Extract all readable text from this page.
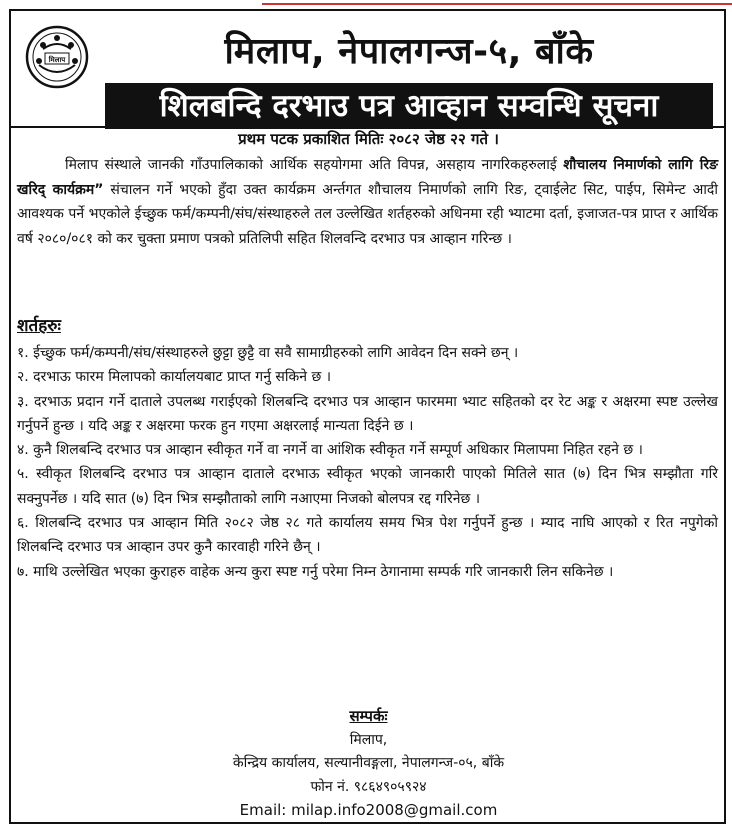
मिलाप	मिलाप, नेपालगन्ज-५, बाँके
शिलबन्दि दरभाउ पत्र आव्हान सम्वन्धि सूचना
प्रथम पटक प्रकाशित मितिः २०८२ जेष्ठ २२ गते ।

मिलाप संस्थाले जानकी गाँउपालिकाको आर्थिक सहयोगमा अति विपन्न, असहाय नागरिकहरुलाई शौचालय निमार्णको लागि रिङ खरिद् कार्यक्रम” संचालन गर्ने भएको हुँदा उक्त कार्यक्रम अर्न्तगत शौचालय निमार्णको लागि रिङ, ट्वाईलेट सिट, पाईप, सिमेन्ट आदी आवश्यक पर्ने भएकोले ईच्छुक फर्म/कम्पनी/संघ/संस्थाहरुले तल उल्लेखित शर्तहरुको अधिनमा रही भ्याटमा दर्ता, इजाजत-पत्र प्राप्त र आर्थिक वर्ष २०८०/०८१ को कर चुक्ता प्रमाण पत्रको प्रतिलिपी सहित शिलवन्दि दरभाउ पत्र आव्हान गरिन्छ ।

शर्तहरुः
१. ईच्छुक फर्म/कम्पनी/संघ/संस्थाहरुले छुट्टा छुट्टै वा सवै सामाग्रीहरुको लागि आवेदन दिन सक्ने छन् ।
२. दरभाऊ फारम मिलापको कार्यालयबाट प्राप्त गर्नु सकिने छ ।
३. दरभाऊ प्रदान गर्ने दाताले उपलब्ध गराईएको शिलबन्दि दरभाउ पत्र आव्हान फारममा भ्याट सहितको दर रेट अङ्क र अक्षरमा स्पष्ट उल्लेख गर्नुपर्ने हुन्छ । यदि अङ्क र अक्षरमा फरक हुन गएमा अक्षरलाई मान्यता दिईने छ ।
४. कुनै शिलबन्दि दरभाउ पत्र आव्हान स्वीकृत गर्ने वा नगर्ने वा आंशिक स्वीकृत गर्ने सम्पूर्ण अधिकार मिलापमा निहित रहने छ ।
५. स्वीकृत शिलबन्दि दरभाउ पत्र आव्हान दाताले दरभाऊ स्वीकृत भएको जानकारी पाएको मितिले सात (७) दिन भित्र सम्झौता गरि सक्नुपर्नेछ । यदि सात (७) दिन भित्र सम्झौताको लागि नआएमा निजको बोलपत्र रद्द गरिनेछ ।
६. शिलबन्दि दरभाउ पत्र आव्हान मिति २०८२ जेष्ठ २८ गते कार्यालय समय भित्र पेश गर्नुपर्ने हुन्छ । म्याद नाघि आएको र रित नपुगेको शिलबन्दि दरभाउ पत्र आव्हान उपर कुनै कारवाही गरिने छैन् ।
७. माथि उल्लेखित भएका कुराहरु वाहेक अन्य कुरा स्पष्ट गर्नु परेमा निम्न ठेगानामा सम्पर्क गरि जानकारी लिन सकिनेछ ।
सम्पर्कः
मिलाप,
केन्द्रिय कार्यालय, सल्यानीवङ्गला, नेपालगन्ज-०५, बाँके
फोन नं. ९८६४९०५९२४
Email: milap.info2008@gmail.com
